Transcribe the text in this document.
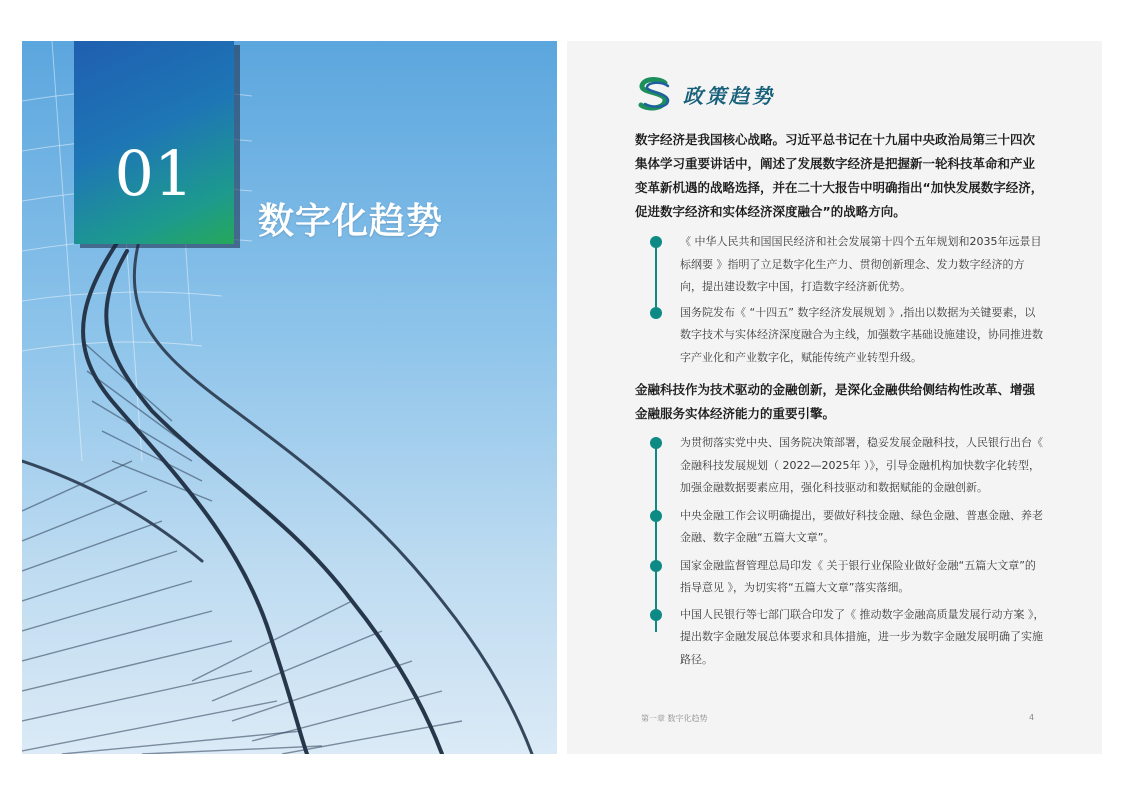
01
数字化趋势
政策趋势
数字经济是我国核心战略。习近平总书记在十九届中央政治局第三十四次集体学习重要讲话中，阐述了发展数字经济是把握新一轮科技革命和产业变革新机遇的战略选择，并在二十大报告中明确指出“加快发展数字经济，促进数字经济和实体经济深度融合”的战略方向。
《 中华人民共和国国民经济和社会发展第十四个五年规划和2035年远景目标纲要 》指明了立足数字化生产力、贯彻创新理念、发力数字经济的方向，提出建设数字中国，打造数字经济新优势。
国务院发布《 “十四五” 数字经济发展规划 》,指出以数据为关键要素，以数字技术与实体经济深度融合为主线，加强数字基础设施建设，协同推进数字产业化和产业数字化，赋能传统产业转型升级。
金融科技作为技术驱动的金融创新，是深化金融供给侧结构性改革、增强金融服务实体经济能力的重要引擎。
为贯彻落实党中央、国务院决策部署，稳妥发展金融科技，人民银行出台《 金融科技发展规划（ 2022—2025年 ）》，引导金融机构加快数字化转型，加强金融数据要素应用，强化科技驱动和数据赋能的金融创新。
中央金融工作会议明确提出，要做好科技金融、绿色金融、普惠金融、养老金融、数字金融“五篇大文章”。
国家金融监督管理总局印发《 关于银行业保险业做好金融“五篇大文章”的指导意见 》，为切实将“五篇大文章”落实落细。
中国人民银行等七部门联合印发了《 推动数字金融高质量发展行动方案 》，提出数字金融发展总体要求和具体措施，进一步为数字金融发展明确了实施路径。
第一章 数字化趋势	4
